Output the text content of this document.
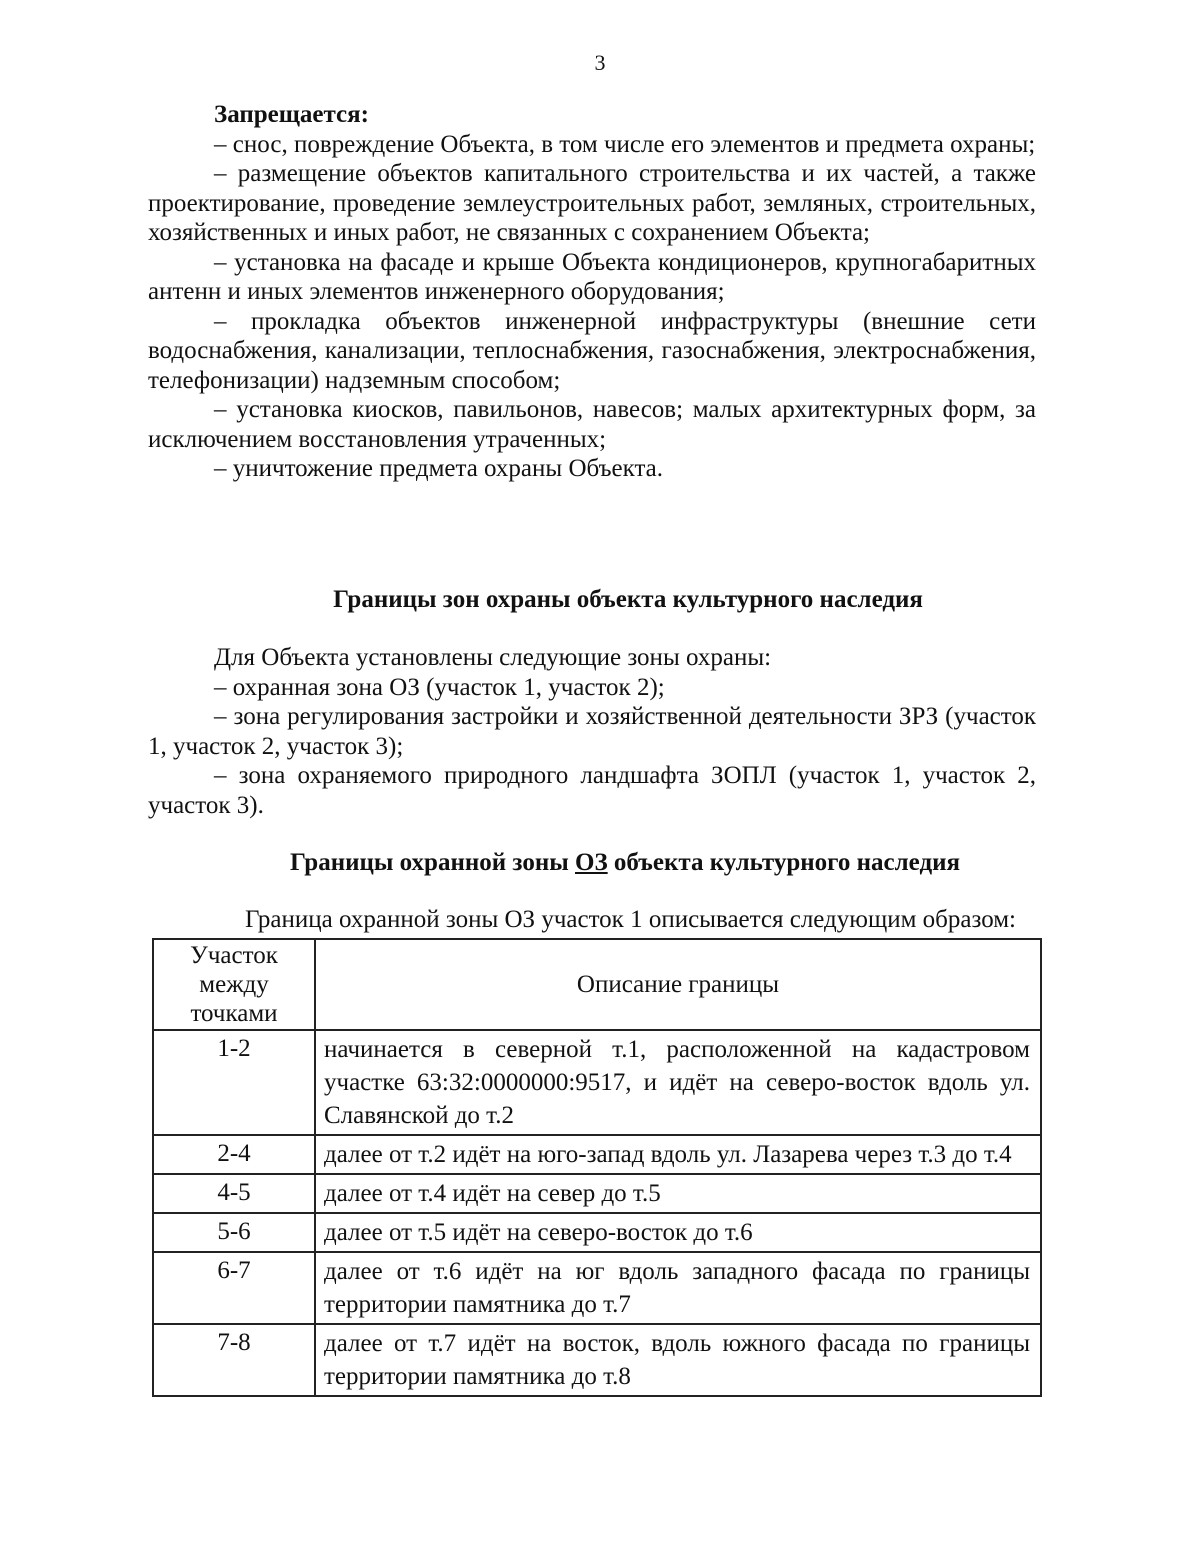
3

Запрещается:

– снос, повреждение Объекта, в том числе его элементов и предмета охраны;

– размещение объектов капитального строительства и их частей, а также проектирование, проведение землеустроительных работ, земляных, строительных, хозяйственных и иных работ, не связанных с сохранением Объекта;

– установка на фасаде и крыше Объекта кондиционеров, крупногабаритных антенн и иных элементов инженерного оборудования;

– прокладка объектов инженерной инфраструктуры (внешние сети водоснабжения, канализации, теплоснабжения, газоснабжения, электроснабжения, телефонизации) надземным способом;

– установка киосков, павильонов, навесов; малых архитектурных форм, за исключением восстановления утраченных;

– уничтожение предмета охраны Объекта.

Границы зон охраны объекта культурного наследия

Для Объекта установлены следующие зоны охраны:

– охранная зона ОЗ (участок 1, участок 2);

– зона регулирования застройки и хозяйственной деятельности ЗРЗ (участок 1, участок 2, участок 3);

– зона охраняемого природного ландшафта ЗОПЛ (участок 1, участок 2, участок 3).

Границы охранной зоны ОЗ объекта культурного наследия
Граница охранной зоны ОЗ участок 1 описывается следующим образом:
Участок между точками	Описание границы
1-2	начинается в северной т.1, расположенной на кадастровом участке 63:32:0000000:9517, и идёт на северо-восток вдоль ул. Славянской до т.2
2-4	далее от т.2 идёт на юго-запад вдоль ул. Лазарева через т.3 до т.4
4-5	далее от т.4 идёт на север до т.5
5-6	далее от т.5 идёт на северо-восток до т.6
6-7	далее от т.6 идёт на юг вдоль западного фасада по границы территории памятника до т.7
7-8	далее от т.7 идёт на восток, вдоль южного фасада по границы территории памятника до т.8
